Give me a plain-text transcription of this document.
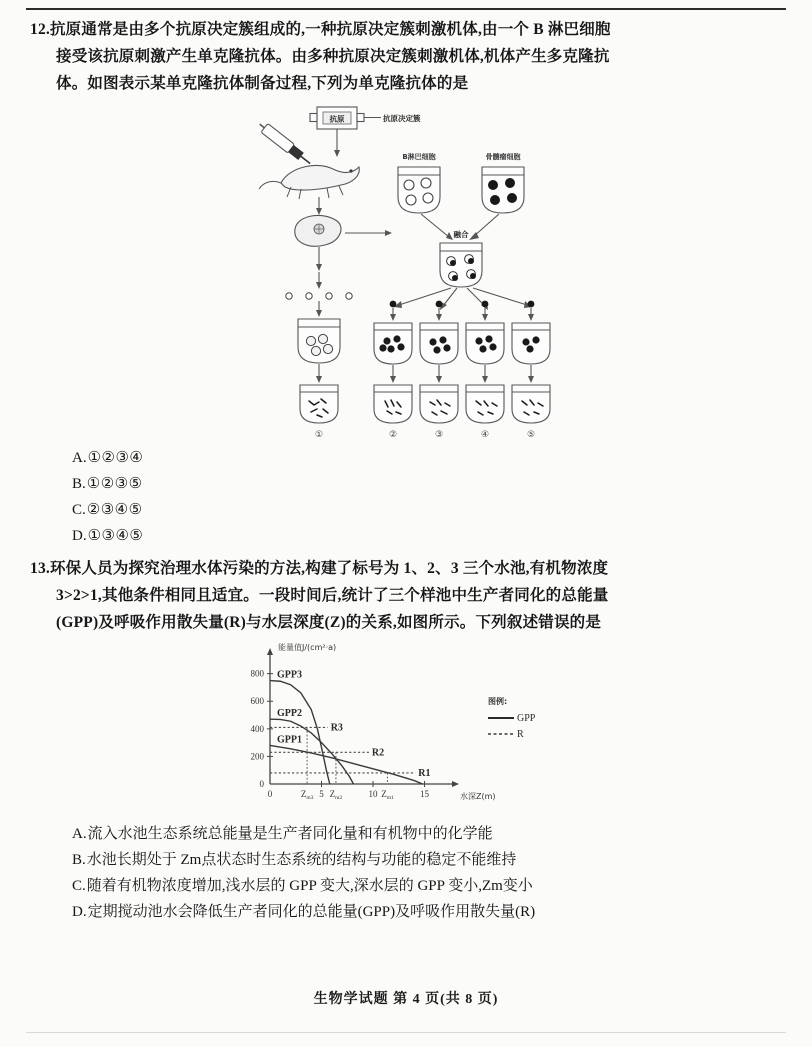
12.抗原通常是由多个抗原决定簇组成的,一种抗原决定簇刺激机体,由一个 B 淋巴细胞
接受该抗原刺激产生单克隆抗体。由多种抗原决定簇刺激机体,机体产生多克隆抗
体。如图表示某单克隆抗体制备过程,下列为单克隆抗体的是
抗原	抗原决定簇
B淋巴细胞	骨髓瘤细胞
融合
①	②	③	④	⑤
A.①②③④
B.①②③⑤
C.②③④⑤
D.①③④⑤
13.环保人员为探究治理水体污染的方法,构建了标号为 1、2、3 三个水池,有机物浓度
3>2>1,其他条件相同且适宜。一段时间后,统计了三个样池中生产者同化的总能量
(GPP)及呼吸作用散失量(R)与水层深度(Z)的关系,如图所示。下列叙述错误的是
能量值J/(cm²·a)
水深Z(m)
0
200
400
600
800
0	5	10	15
R3
R2
R1
GPP3
GPP2
GPP1
$Z_{m3}$ $Z_{m2}$	$Z_{m1}$
图例:
GPP
R
A.流入水池生态系统总能量是生产者同化量和有机物中的化学能
B.水池长期处于 Zm点状态时生态系统的结构与功能的稳定不能维持
C.随着有机物浓度增加,浅水层的 GPP 变大,深水层的 GPP 变小,Zm变小
D.定期搅动池水会降低生产者同化的总能量(GPP)及呼吸作用散失量(R)
生物学试题 第 4 页(共 8 页)
